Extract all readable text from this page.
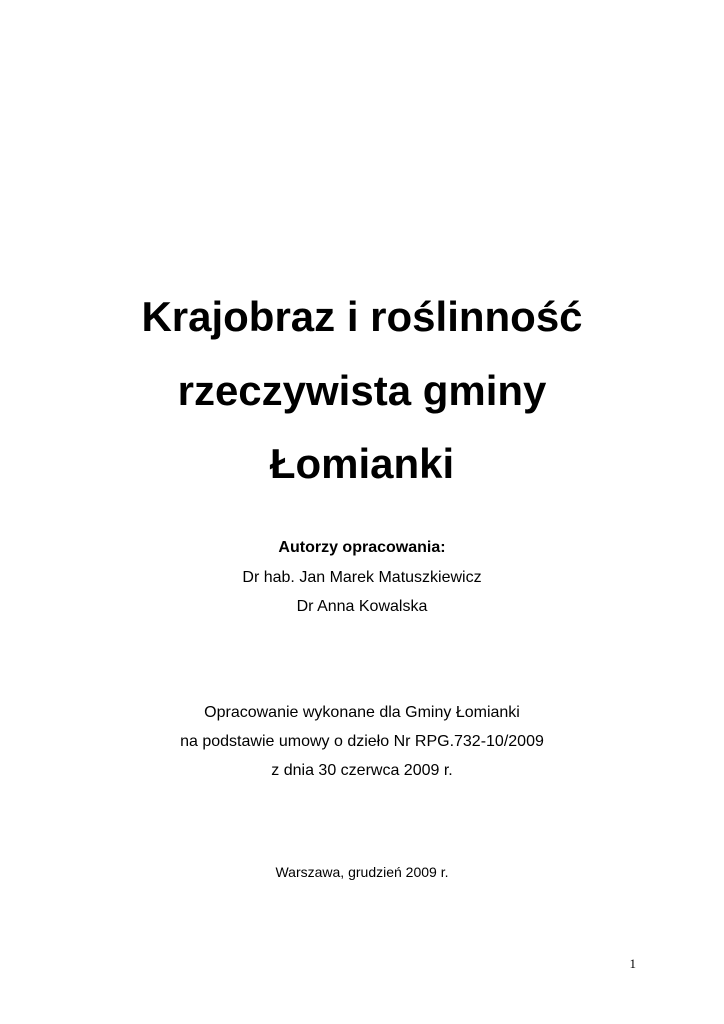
Krajobraz i roślinność
rzeczywista gminy
Łomianki
Autorzy opracowania:
Dr hab. Jan Marek Matuszkiewicz
Dr Anna Kowalska
Opracowanie wykonane dla Gminy Łomianki
na podstawie umowy o dzieło Nr RPG.732-10/2009
z dnia 30 czerwca 2009 r.
Warszawa, grudzień 2009 r.
1
